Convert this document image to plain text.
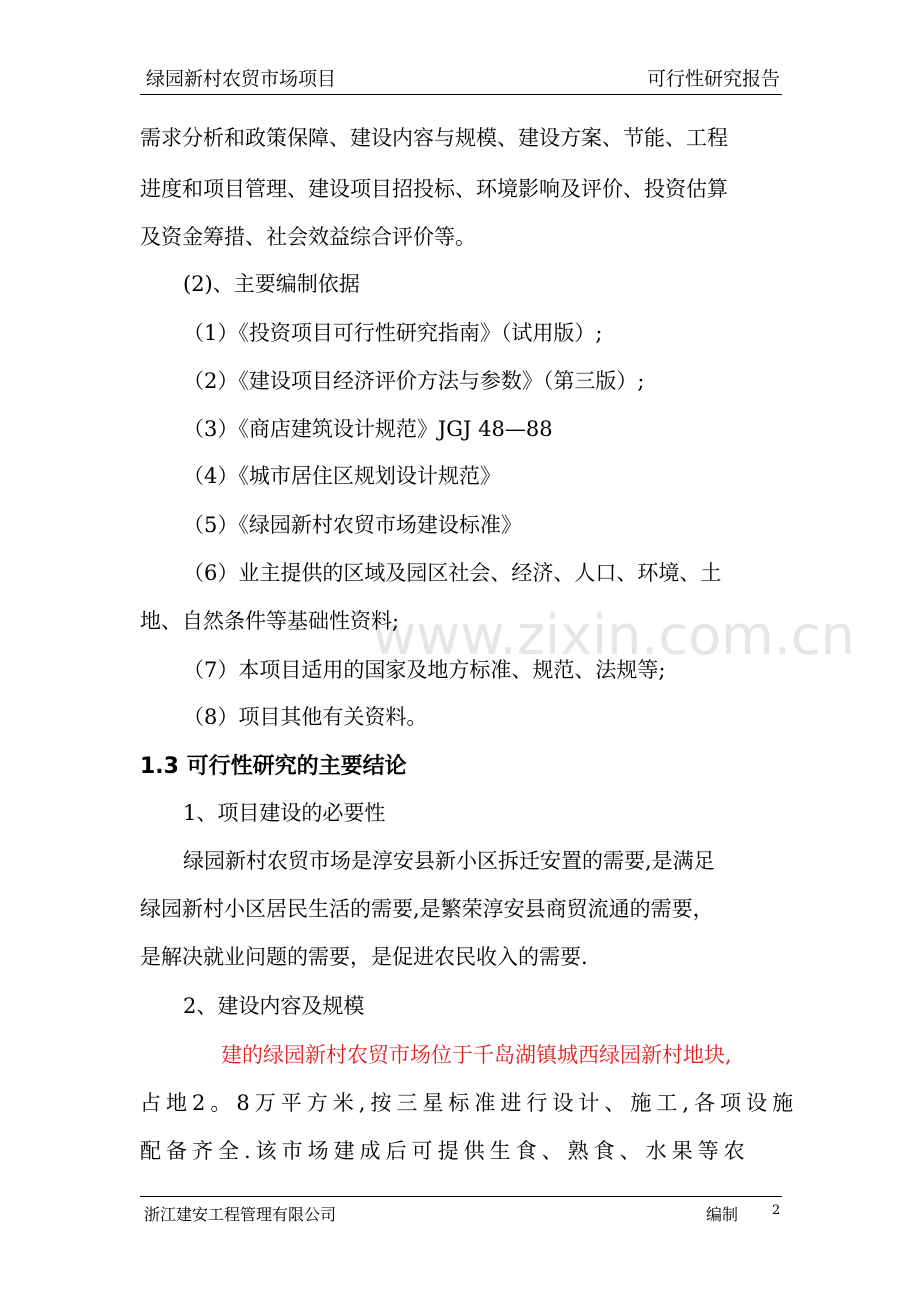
绿园新村农贸市场项目	可行性研究报告
www.zixin.com.cn
需求分析和政策保障、建设内容与规模、建设方案、节能、工程
进度和项目管理、建设项目招投标、环境影响及评价、投资估算
及资金筹措、社会效益综合评价等。
(2)、主要编制依据
（1）《投资项目可行性研究指南》（试用版）;
（2）《建设项目经济评价方法与参数》（第三版）;
（3）《商店建筑设计规范》JGJ 48—88
（4）《城市居住区规划设计规范》
（5）《绿园新村农贸市场建设标准》
（6）业主提供的区域及园区社会、经济、人口、环境、土
地、自然条件等基础性资料;
（7）本项目适用的国家及地方标准、规范、法规等;
（8）项目其他有关资料。
1.3 可行性研究的主要结论
1、项目建设的必要性
绿园新村农贸市场是淳安县新小区拆迁安置的需要,是满足
绿园新村小区居民生活的需要,是繁荣淳安县商贸流通的需要，
是解决就业问题的需要，是促进农民收入的需要.
2、建设内容及规模
建的绿园新村农贸市场位于千岛湖镇城西绿园新村地块,
占地2。8万平方米,按三星标准进行设计、施工,各项设施
配备齐全.该市场建成后可提供生食、熟食、水果等农
浙江建安工程管理有限公司	编制	2
